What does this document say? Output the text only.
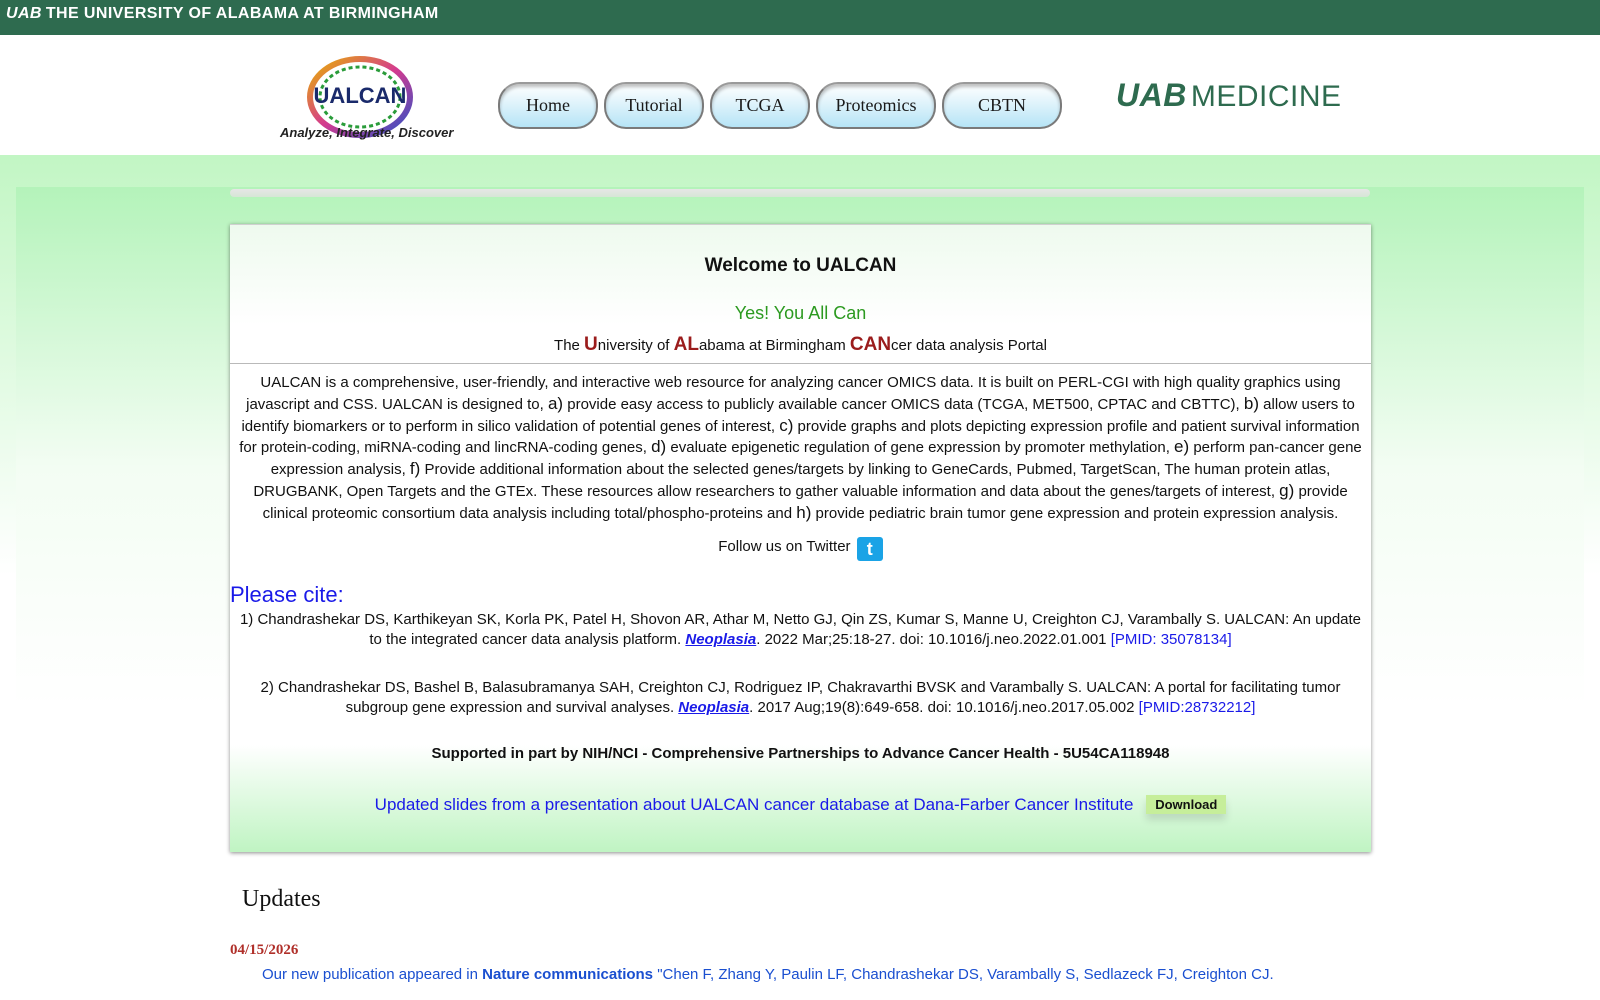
UAB THE UNIVERSITY OF ALABAMA AT BIRMINGHAM
UALCAN
Analyze, Integrate, Discover
Home	Tutorial	TCGA	Proteomics	CBTN	UAB MEDICINE
Welcome to UALCAN
Yes! You All Can
The University of ALabama at Birmingham CANcer data analysis Portal
UALCAN is a comprehensive, user-friendly, and interactive web resource for analyzing cancer OMICS data. It is built on PERL-CGI with high quality graphics using javascript and CSS. UALCAN is designed to, a) provide easy access to publicly available cancer OMICS data (TCGA, MET500, CPTAC and CBTTC), b) allow users to identify biomarkers or to perform in silico validation of potential genes of interest, c) provide graphs and plots depicting expression profile and patient survival information for protein-coding, miRNA-coding and lincRNA-coding genes, d) evaluate epigenetic regulation of gene expression by promoter methylation, e) perform pan-cancer gene expression analysis, f) Provide additional information about the selected genes/targets by linking to GeneCards, Pubmed, TargetScan, The human protein atlas, DRUGBANK, Open Targets and the GTEx. These resources allow researchers to gather valuable information and data about the genes/targets of interest, g) provide clinical proteomic consortium data analysis including total/phospho-proteins and h) provide pediatric brain tumor gene expression and protein expression analysis.
Follow us on Twitter t
Please cite:
1) Chandrashekar DS, Karthikeyan SK, Korla PK, Patel H, Shovon AR, Athar M, Netto GJ, Qin ZS, Kumar S, Manne U, Creighton CJ, Varambally S. UALCAN: An update to the integrated cancer data analysis platform. Neoplasia. 2022 Mar;25:18-27. doi: 10.1016/j.neo.2022.01.001 [PMID: 35078134]
2) Chandrashekar DS, Bashel B, Balasubramanya SAH, Creighton CJ, Rodriguez IP, Chakravarthi BVSK and Varambally S. UALCAN: A portal for facilitating tumor subgroup gene expression and survival analyses. Neoplasia. 2017 Aug;19(8):649-658. doi: 10.1016/j.neo.2017.05.002 [PMID:28732212]
Supported in part by NIH/NCI - Comprehensive Partnerships to Advance Cancer Health - 5U54CA118948
Updated slides from a presentation about UALCAN cancer database at Dana-Farber Cancer Institute Download
Updates
04/15/2026
Our new publication appeared in Nature communications "Chen F, Zhang Y, Paulin LF, Chandrashekar DS, Varambally S, Sedlazeck FJ, Creighton CJ.
